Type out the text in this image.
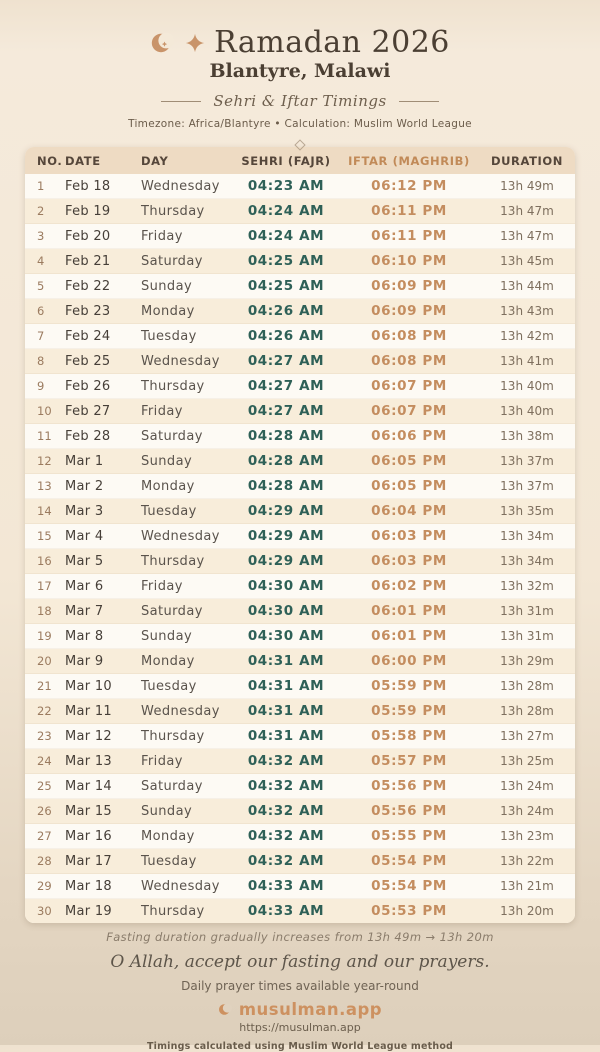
Ramadan 2026
Blantyre, Malawi
Sehri & Iftar Timings
Timezone: Africa/Blantyre • Calculation: Muslim World League
NO.	DATE	DAY	SEHRI (FAJR)	IFTAR (MAGHRIB)	DURATION
1	Feb 18	Wednesday	04:23 AM	06:12 PM	13h 49m
2	Feb 19	Thursday	04:24 AM	06:11 PM	13h 47m
3	Feb 20	Friday	04:24 AM	06:11 PM	13h 47m
4	Feb 21	Saturday	04:25 AM	06:10 PM	13h 45m
5	Feb 22	Sunday	04:25 AM	06:09 PM	13h 44m
6	Feb 23	Monday	04:26 AM	06:09 PM	13h 43m
7	Feb 24	Tuesday	04:26 AM	06:08 PM	13h 42m
8	Feb 25	Wednesday	04:27 AM	06:08 PM	13h 41m
9	Feb 26	Thursday	04:27 AM	06:07 PM	13h 40m
10	Feb 27	Friday	04:27 AM	06:07 PM	13h 40m
11	Feb 28	Saturday	04:28 AM	06:06 PM	13h 38m
12	Mar 1	Sunday	04:28 AM	06:05 PM	13h 37m
13	Mar 2	Monday	04:28 AM	06:05 PM	13h 37m
14	Mar 3	Tuesday	04:29 AM	06:04 PM	13h 35m
15	Mar 4	Wednesday	04:29 AM	06:03 PM	13h 34m
16	Mar 5	Thursday	04:29 AM	06:03 PM	13h 34m
17	Mar 6	Friday	04:30 AM	06:02 PM	13h 32m
18	Mar 7	Saturday	04:30 AM	06:01 PM	13h 31m
19	Mar 8	Sunday	04:30 AM	06:01 PM	13h 31m
20	Mar 9	Monday	04:31 AM	06:00 PM	13h 29m
21	Mar 10	Tuesday	04:31 AM	05:59 PM	13h 28m
22	Mar 11	Wednesday	04:31 AM	05:59 PM	13h 28m
23	Mar 12	Thursday	04:31 AM	05:58 PM	13h 27m
24	Mar 13	Friday	04:32 AM	05:57 PM	13h 25m
25	Mar 14	Saturday	04:32 AM	05:56 PM	13h 24m
26	Mar 15	Sunday	04:32 AM	05:56 PM	13h 24m
27	Mar 16	Monday	04:32 AM	05:55 PM	13h 23m
28	Mar 17	Tuesday	04:32 AM	05:54 PM	13h 22m
29	Mar 18	Wednesday	04:33 AM	05:54 PM	13h 21m
30	Mar 19	Thursday	04:33 AM	05:53 PM	13h 20m
Fasting duration gradually increases from 13h 49m → 13h 20m
O Allah, accept our fasting and our prayers.
Daily prayer times available year-round
musulman.app
https://musulman.app
Timings calculated using Muslim World League method
